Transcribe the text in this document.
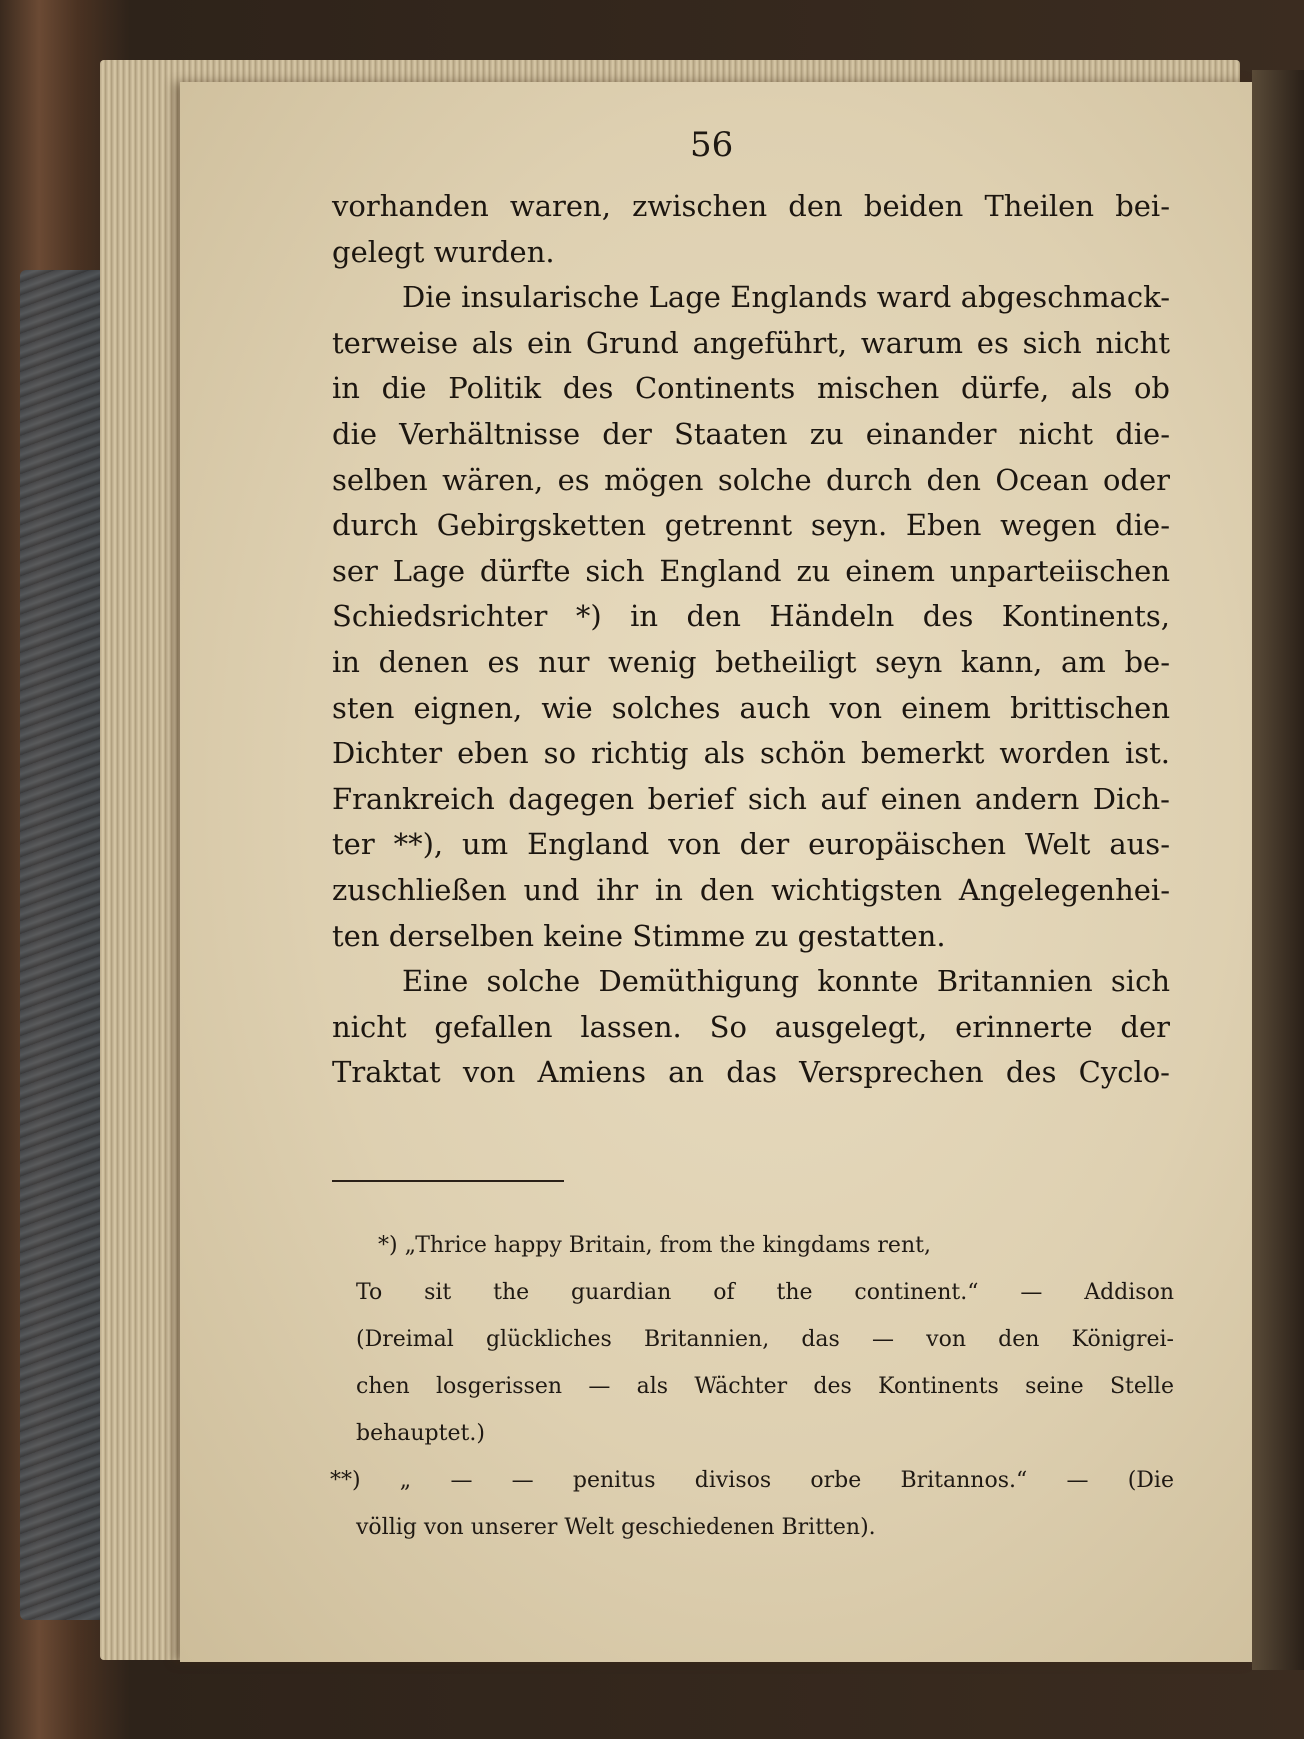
56
vorhanden waren, zwischen den beiden Theilen bei-
gelegt wurden.
Die insularische Lage Englands ward abgeschmack-
terweise als ein Grund angeführt, warum es sich nicht
in die Politik des Continents mischen dürfe, als ob
die Verhältnisse der Staaten zu einander nicht die-
selben wären, es mögen solche durch den Ocean oder
durch Gebirgsketten getrennt seyn. Eben wegen die-
ser Lage dürfte sich England zu einem unparteiischen
Schiedsrichter *) in den Händeln des Kontinents,
in denen es nur wenig betheiligt seyn kann, am be-
sten eignen, wie solches auch von einem brittischen
Dichter eben so richtig als schön bemerkt worden ist.
Frankreich dagegen berief sich auf einen andern Dich-
ter **), um England von der europäischen Welt aus-
zuschließen und ihr in den wichtigsten Angelegenhei-
ten derselben keine Stimme zu gestatten.
Eine solche Demüthigung konnte Britannien sich
nicht gefallen lassen. So ausgelegt, erinnerte der
Traktat von Amiens an das Versprechen des Cyclo-
*) „Thrice happy Britain, from the kingdams rent,
To sit the guardian of the continent.“ — Addison
(Dreimal glückliches Britannien, das — von den Königrei-
chen losgerissen — als Wächter des Kontinents seine Stelle
behauptet.)
**) „ — — penitus divisos orbe Britannos.“ — (Die
völlig von unserer Welt geschiedenen Britten).
